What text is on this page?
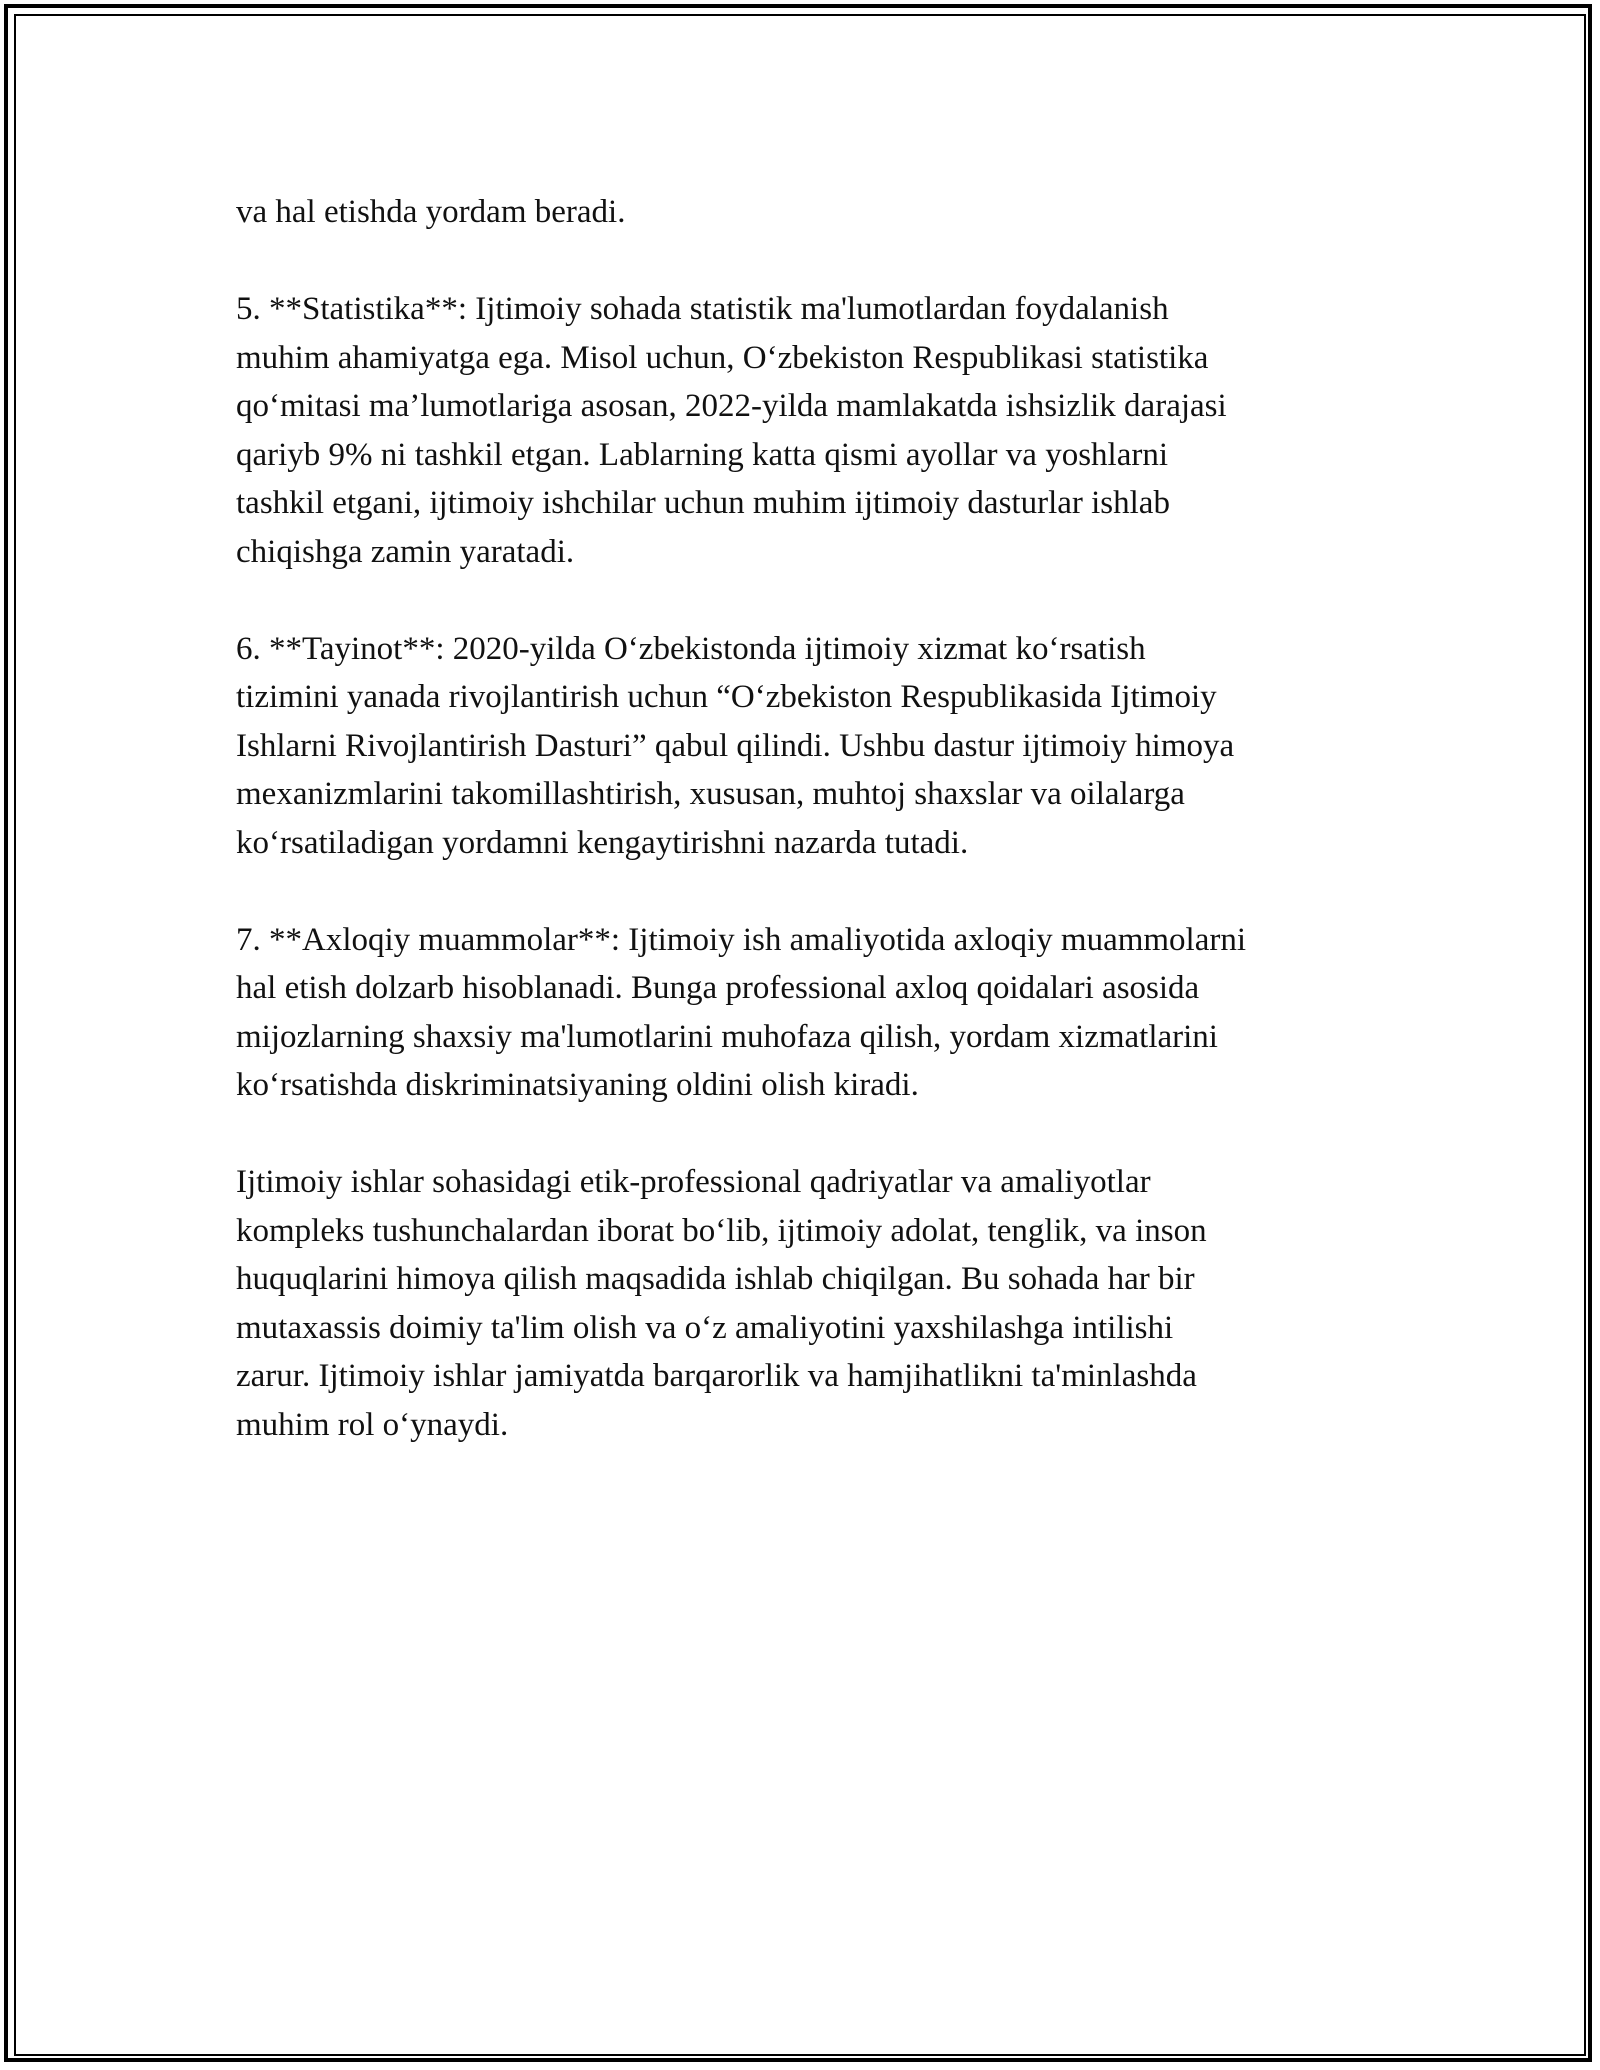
va hal etishda yordam beradi.

5. **Statistika**: Ijtimoiy sohada statistik ma'lumotlardan foydalanish
muhim ahamiyatga ega. Misol uchun, O‘zbekiston Respublikasi statistika
qo‘mitasi ma’lumotlariga asosan, 2022-yilda mamlakatda ishsizlik darajasi
qariyb 9% ni tashkil etgan. Lablarning katta qismi ayollar va yoshlarni
tashkil etgani, ijtimoiy ishchilar uchun muhim ijtimoiy dasturlar ishlab
chiqishga zamin yaratadi.

6. **Tayinot**: 2020-yilda O‘zbekistonda ijtimoiy xizmat ko‘rsatish
tizimini yanada rivojlantirish uchun “O‘zbekiston Respublikasida Ijtimoiy
Ishlarni Rivojlantirish Dasturi” qabul qilindi. Ushbu dastur ijtimoiy himoya
mexanizmlarini takomillashtirish, xususan, muhtoj shaxslar va oilalarga
ko‘rsatiladigan yordamni kengaytirishni nazarda tutadi.

7. **Axloqiy muammolar**: Ijtimoiy ish amaliyotida axloqiy muammolarni
hal etish dolzarb hisoblanadi. Bunga professional axloq qoidalari asosida
mijozlarning shaxsiy ma'lumotlarini muhofaza qilish, yordam xizmatlarini
ko‘rsatishda diskriminatsiyaning oldini olish kiradi.

Ijtimoiy ishlar sohasidagi etik-professional qadriyatlar va amaliyotlar
kompleks tushunchalardan iborat bo‘lib, ijtimoiy adolat, tenglik, va inson
huquqlarini himoya qilish maqsadida ishlab chiqilgan. Bu sohada har bir
mutaxassis doimiy ta'lim olish va o‘z amaliyotini yaxshilashga intilishi
zarur. Ijtimoiy ishlar jamiyatda barqarorlik va hamjihatlikni ta'minlashda
muhim rol o‘ynaydi.
